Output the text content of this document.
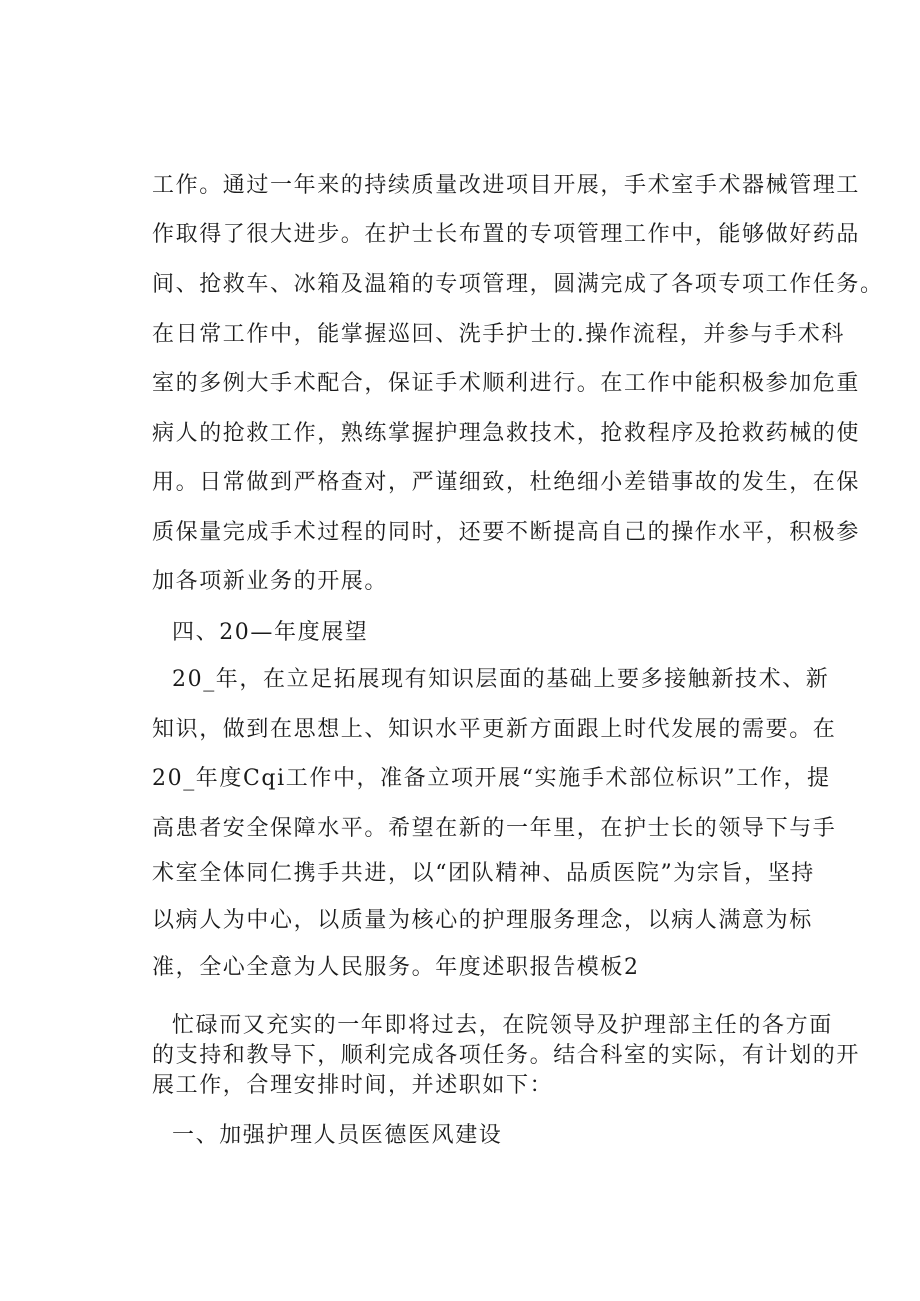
工作。通过一年来的持续质量改进项目开展，手术室手术器械管理工
作取得了很大进步。在护士长布置的专项管理工作中，能够做好药品
间、抢救车、冰箱及温箱的专项管理，圆满完成了各项专项工作任务。
在日常工作中，能掌握巡回、洗手护士的.操作流程，并参与手术科
室的多例大手术配合，保证手术顺利进行。在工作中能积极参加危重
病人的抢救工作，熟练掌握护理急救技术，抢救程序及抢救药械的使
用。日常做到严格查对，严谨细致，杜绝细小差错事故的发生，在保
质保量完成手术过程的同时，还要不断提高自己的操作水平，积极参
加各项新业务的开展。
四、20—年度展望
20_年，在立足拓展现有知识层面的基础上要多接触新技术、新
知识，做到在思想上、知识水平更新方面跟上时代发展的需要。在
20_年度Cqi工作中，准备立项开展“实施手术部位标识”工作，提
高患者安全保障水平。希望在新的一年里，在护士长的领导下与手
术室全体同仁携手共进，以“团队精神、品质医院”为宗旨，坚持
以病人为中心，以质量为核心的护理服务理念，以病人满意为标
准，全心全意为人民服务。年度述职报告模板2
忙碌而又充实的一年即将过去，在院领导及护理部主任的各方面
的支持和教导下，顺利完成各项任务。结合科室的实际，有计划的开
展工作，合理安排时间，并述职如下：
一、加强护理人员医德医风建设
